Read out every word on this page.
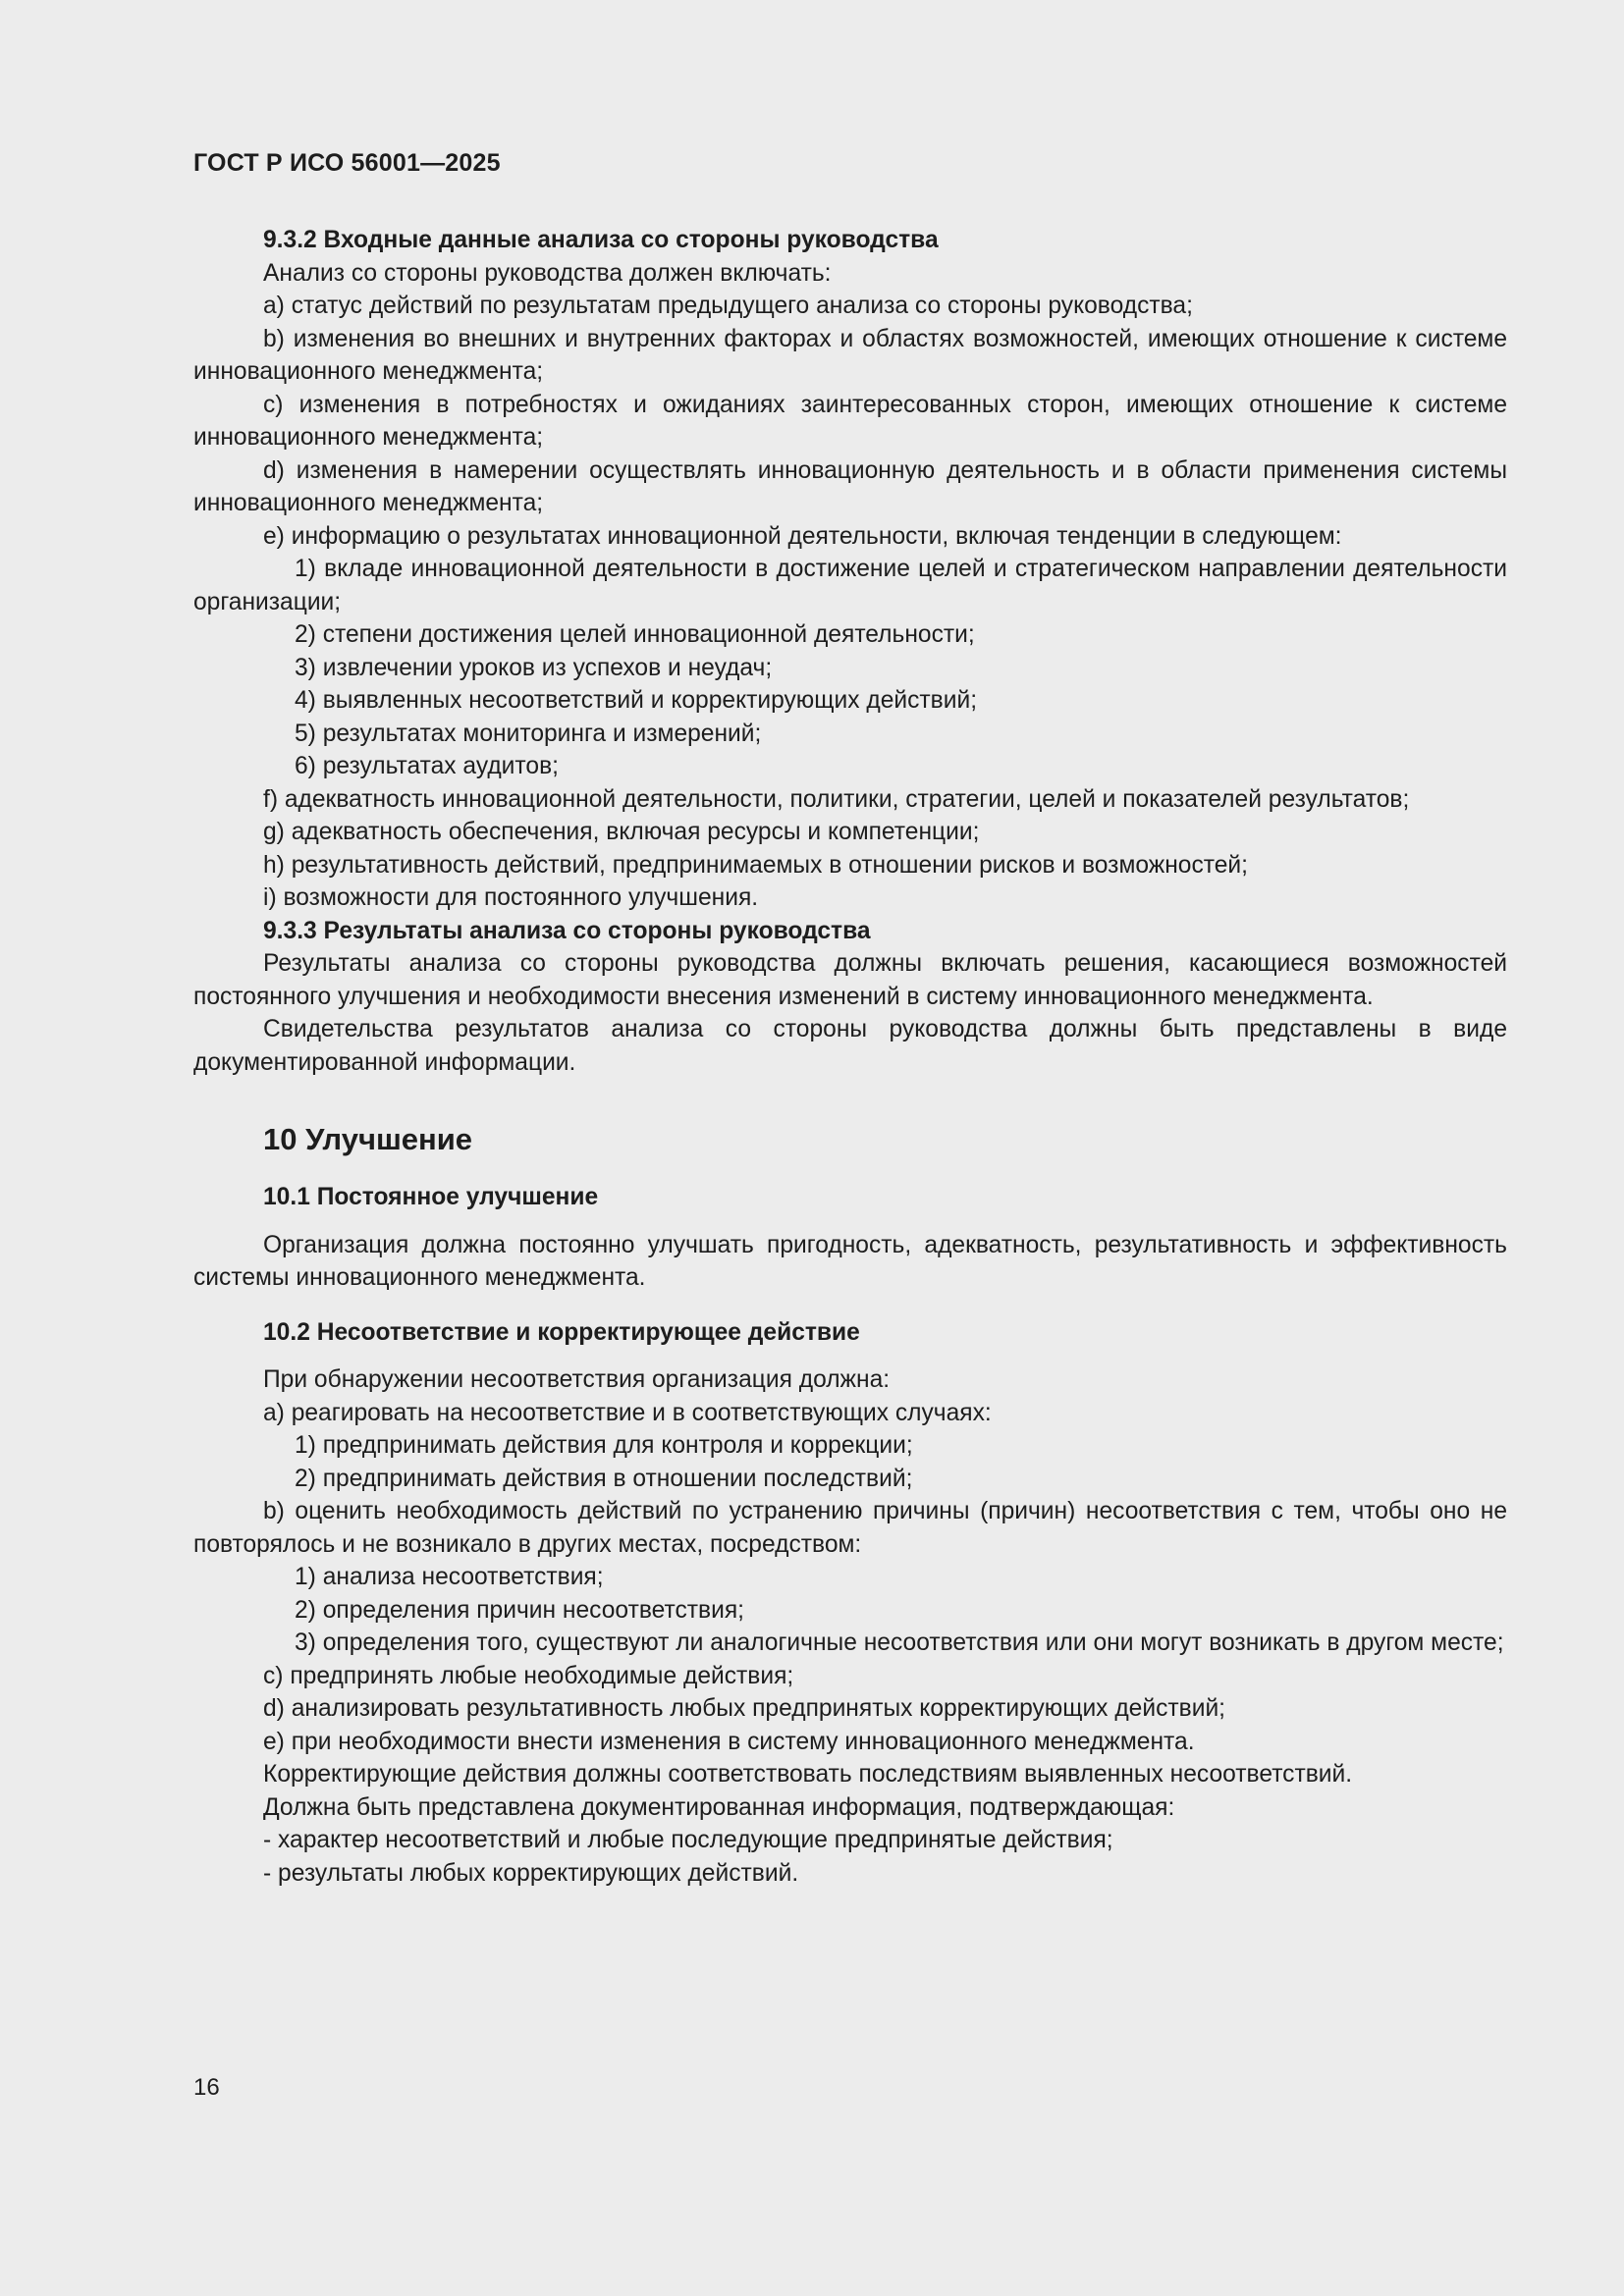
ГОСТ Р ИСО 56001—2025

9.3.2 Входные данные анализа со стороны руководства

Анализ со стороны руководства должен включать:

a) статус действий по результатам предыдущего анализа со стороны руководства;

b) изменения во внешних и внутренних факторах и областях возможностей, имеющих отношение к системе инновационного менеджмента;

c) изменения в потребностях и ожиданиях заинтересованных сторон, имеющих отношение к системе инновационного менеджмента;

d) изменения в намерении осуществлять инновационную деятельность и в области применения системы инновационного менеджмента;

e) информацию о результатах инновационной деятельности, включая тенденции в следующем:

1) вкладе инновационной деятельности в достижение целей и стратегическом направлении деятельности организации;

2) степени достижения целей инновационной деятельности;

3) извлечении уроков из успехов и неудач;

4) выявленных несоответствий и корректирующих действий;

5) результатах мониторинга и измерений;

6) результатах аудитов;

f) адекватность инновационной деятельности, политики, стратегии, целей и показателей результатов;

g) адекватность обеспечения, включая ресурсы и компетенции;

h) результативность действий, предпринимаемых в отношении рисков и возможностей;

i) возможности для постоянного улучшения.

9.3.3 Результаты анализа со стороны руководства

Результаты анализа со стороны руководства должны включать решения, касающиеся возможностей постоянного улучшения и необходимости внесения изменений в систему инновационного менеджмента.

Свидетельства результатов анализа со стороны руководства должны быть представлены в виде документированной информации.

10 Улучшение
10.1 Постоянное улучшение

Организация должна постоянно улучшать пригодность, адекватность, результативность и эффективность системы инновационного менеджмента.

10.2 Несоответствие и корректирующее действие

При обнаружении несоответствия организация должна:

a) реагировать на несоответствие и в соответствующих случаях:

1) предпринимать действия для контроля и коррекции;

2) предпринимать действия в отношении последствий;

b) оценить необходимость действий по устранению причины (причин) несоответствия с тем, чтобы оно не повторялось и не возникало в других местах, посредством:

1) анализа несоответствия;

2) определения причин несоответствия;

3) определения того, существуют ли аналогичные несоответствия или они могут возникать в другом месте;

c) предпринять любые необходимые действия;

d) анализировать результативность любых предпринятых корректирующих действий;

e) при необходимости внести изменения в систему инновационного менеджмента.

Корректирующие действия должны соответствовать последствиям выявленных несоответствий.

Должна быть представлена документированная информация, подтверждающая:

- характер несоответствий и любые последующие предпринятые действия;

- результаты любых корректирующих действий.

16
